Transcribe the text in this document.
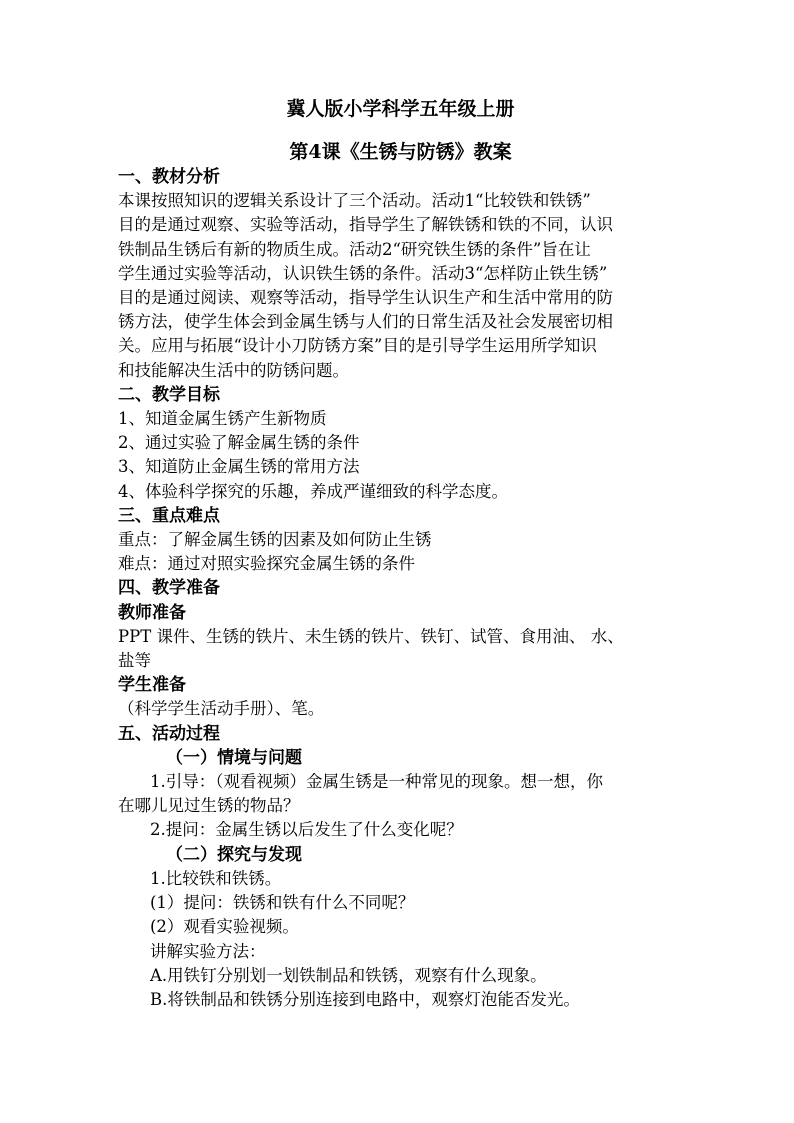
冀人版小学科学五年级上册

第4课《生锈与防锈》教案

一、教材分析

本课按照知识的逻辑关系设计了三个活动。活动1“比较铁和铁锈”

目的是通过观察、实验等活动，指导学生了解铁锈和铁的不同，认识

铁制品生锈后有新的物质生成。活动2“研究铁生锈的条件”旨在让

学生通过实验等活动，认识铁生锈的条件。活动3“怎样防止铁生锈”

目的是通过阅读、观察等活动，指导学生认识生产和生活中常用的防

锈方法，使学生体会到金属生锈与人们的日常生活及社会发展密切相

关。应用与拓展“设计小刀防锈方案”目的是引导学生运用所学知识

和技能解决生活中的防锈问题。

二、教学目标

1、知道金属生锈产生新物质

2、通过实验了解金属生锈的条件

3、知道防止金属生锈的常用方法

4、体验科学探究的乐趣，养成严谨细致的科学态度。

三、重点难点

重点：了解金属生锈的因素及如何防止生锈

难点：通过对照实验探究金属生锈的条件

四、教学准备

教师准备

PPT 课件、生锈的铁片、未生锈的铁片、铁钉、试管、食用油、 水、

盐等

学生准备

（科学学生活动手册）、笔。

五、活动过程

（一）情境与问题

1.引导：（观看视频）金属生锈是一种常见的现象。想一想，你

在哪儿见过生锈的物品？

2.提问：金属生锈以后发生了什么变化呢？

（二）探究与发现

1.比较铁和铁锈。

(1）提问：铁锈和铁有什么不同呢？

(2）观看实验视频。

讲解实验方法：

A.用铁钉分别划一划铁制品和铁锈，观察有什么现象。

B.将铁制品和铁锈分别连接到电路中，观察灯泡能否发光。
